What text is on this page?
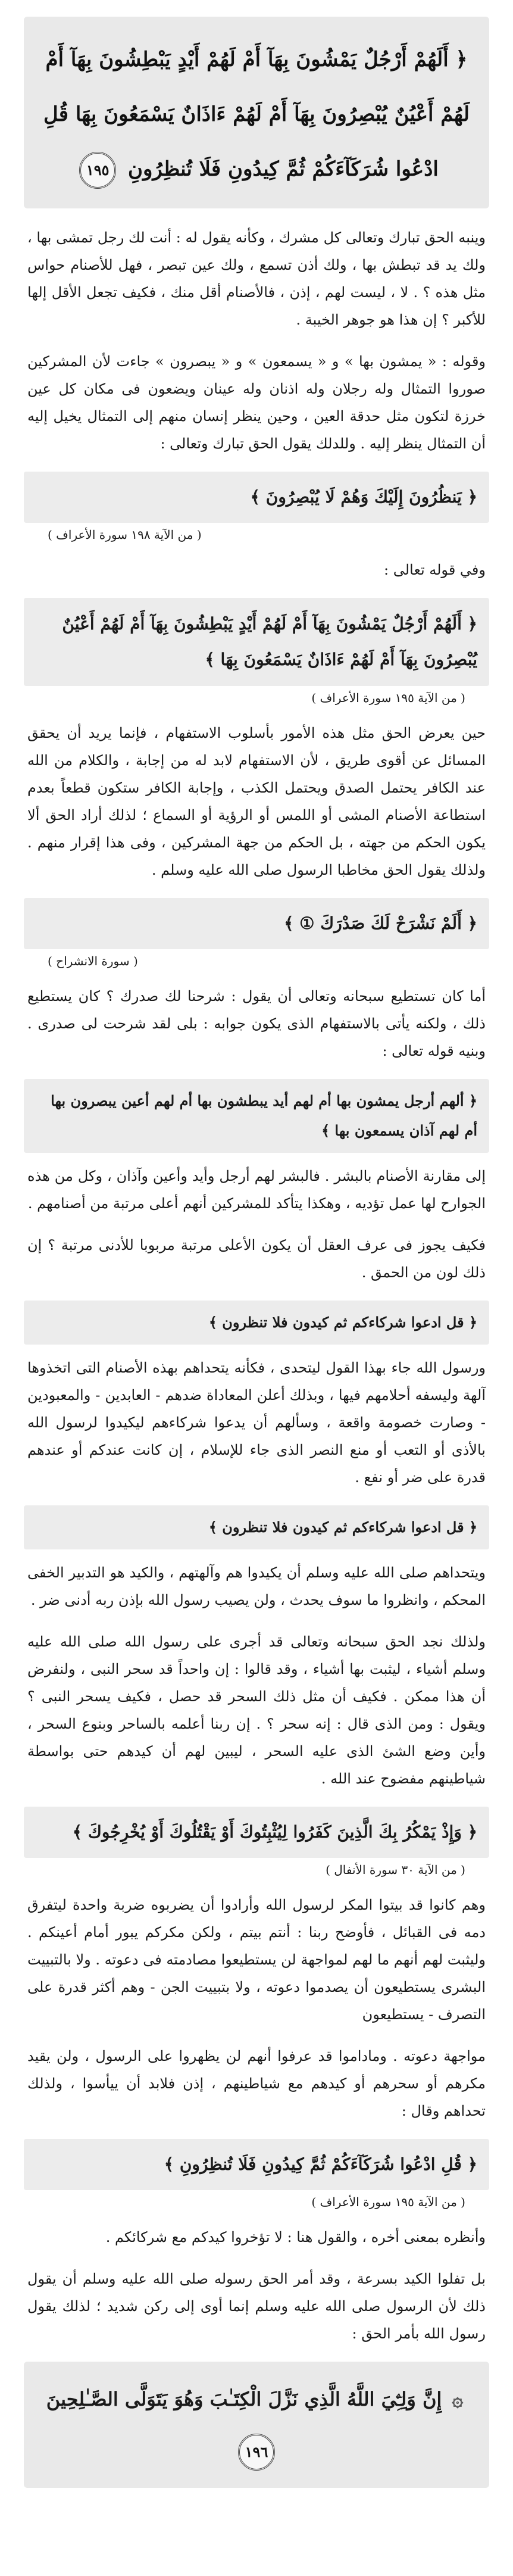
﴿ أَلَهُمْ أَرْجُلٌ يَمْشُونَ بِهَآ أَمْ لَهُمْ أَيْدٍ يَبْطِشُونَ بِهَآ أَمْ لَهُمْ أَعْيُنٌ يُبْصِرُونَ بِهَآ أَمْ لَهُمْ ءَاذَانٌ يَسْمَعُونَ بِهَا قُلِ ادْعُوا شُرَكَآءَكُمْ ثُمَّ كِيدُونِ فَلَا تُنظِرُونِ ١٩٥

وينبه الحق تبارك وتعالى كل مشرك ، وكأنه يقول له : أنت لك رجل تمشى بها ، ولك يد قد تبطش بها ، ولك أذن تسمع ، ولك عين تبصر ، فهل للأصنام حواس مثل هذه ؟ . لا ، ليست لهم ، إذن ، فالأصنام أقل منك ، فكيف تجعل الأقل إلها للأكبر ؟ إن هذا هو جوهر الخيبة .

وقوله : « يمشون بها » و « يسمعون » و « يبصرون » جاءت لأن المشركين صوروا التمثال وله رجلان وله اذنان وله عينان ويضعون فى مكان كل عين خرزة لتكون مثل حدقة العين ، وحين ينظر إنسان منهم إلى التمثال يخيل إليه أن التمثال ينظر إليه . وللدلك يقول الحق تبارك وتعالى :

﴿ يَنظُرُونَ إِلَيْكَ وَهُمْ لَا يُبْصِرُونَ ﴾
( من الآية ١٩٨ سورة الأعراف )

وفي قوله تعالى :

﴿ أَلَهُمْ أَرْجُلٌ يَمْشُونَ بِهَآ أَمْ لَهُمْ أَيْدٍ يَبْطِشُونَ بِهَآ أَمْ لَهُمْ أَعْيُنٌ يُبْصِرُونَ بِهَآ أَمْ لَهُمْ ءَاذَانٌ يَسْمَعُونَ بِهَا ﴾
( من الآية ١٩٥ سورة الأعراف )

حين يعرض الحق مثل هذه الأمور بأسلوب الاستفهام ، فإنما يريد أن يحقق المسائل عن أقوى طريق ، لأن الاستفهام لابد له من إجابة ، والكلام من الله عند الكافر يحتمل الصدق ويحتمل الكذب ، وإجابة الكافر ستكون قطعاً بعدم استطاعة الأصنام المشى أو اللمس أو الرؤية أو السماع ؛ لذلك أراد الحق ألا يكون الحكم من جهته ، بل الحكم من جهة المشركين ، وفى هذا إقرار منهم . ولذلك يقول الحق مخاطبا الرسول صلى الله عليه وسلم .

﴿ أَلَمْ نَشْرَحْ لَكَ صَدْرَكَ ① ﴾
( سورة الانشراح )

أما كان تستطيع سبحانه وتعالى أن يقول : شرحنا لك صدرك ؟ كان يستطيع ذلك ، ولكنه يأتى بالاستفهام الذى يكون جوابه : بلى لقد شرحت لى صدرى . وبنيه قوله تعالى :

﴿ ألهم أرجل يمشون بها أم لهم أيد يبطشون بها أم لهم أعين يبصرون بها أم لهم آذان يسمعون بها ﴾

إلى مقارنة الأصنام بالبشر . فالبشر لهم أرجل وأيد وأعين وآذان ، وكل من هذه الجوارح لها عمل تؤديه ، وهكذا يتأكد للمشركين أنهم أعلى مرتبة من أصنامهم .

فكيف يجوز فى عرف العقل أن يكون الأعلى مرتبة مربوبا للأدنى مرتبة ؟ إن ذلك لون من الحمق .

﴿ قل ادعوا شركاءكم ثم كيدون فلا تنظرون ﴾

ورسول الله جاء بهذا القول ليتحدى ، فكأنه يتحداهم بهذه الأصنام التى اتخذوها آلهة وليسفه أحلامهم فيها ، وبذلك أعلن المعاداة ضدهم - العابدين - والمعبودين - وصارت خصومة واقعة ، وسألهم أن يدعوا شركاءهم ليكيدوا لرسول الله بالأذى أو التعب أو منع النصر الذى جاء للإسلام ، إن كانت عندكم أو عندهم قدرة على ضر أو نفع .

﴿ قل ادعوا شركاءكم ثم كيدون فلا تنظرون ﴾

ويتحداهم صلى الله عليه وسلم أن يكيدوا هم وآلهتهم ، والكيد هو التدبير الخفى المحكم ، وانظروا ما سوف يحدث ، ولن يصيب رسول الله بإذن ربه أدنى ضر .

ولذلك نجد الحق سبحانه وتعالى قد أجرى على رسول الله صلى الله عليه وسلم أشياء ، ليثبت بها أشياء ، وقد قالوا : إن واحداً قد سحر النبى ، ولنفرض أن هذا ممكن . فكيف أن مثل ذلك السحر قد حصل ، فكيف يسحر النبى ؟ ويقول : ومن الذى قال : إنه سحر ؟ . إن ربنا أعلمه بالساحر وبنوع السحر ، وأين وضع الشئ الذى عليه السحر ، ليبين لهم أن كيدهم حتى بواسطة شياطينهم مفضوح عند الله .

﴿ وَإِذْ يَمْكُرُ بِكَ الَّذِينَ كَفَرُوا لِيُثْبِتُوكَ أَوْ يَقْتُلُوكَ أَوْ يُخْرِجُوكَ ﴾
( من الآية ٣٠ سورة الأنفال )

وهم كانوا قد بيتوا المكر لرسول الله وأرادوا أن يضربوه ضربة واحدة ليتفرق دمه فى القبائل ، فأوضح ربنا : أنتم بيتم ، ولكن مكركم يبور أمام أعينكم . وليثبت لهم أنهم ما لهم لمواجهة لن يستطيعوا مصادمته فى دعوته . ولا بالتبييت البشرى يستطيعون أن يصدموا دعوته ، ولا بتبييت الجن - وهم أكثر قدرة على التصرف - يستطيعون

مواجهة دعوته . وماداموا قد عرفوا أنهم لن يظهروا على الرسول ، ولن يقيد مكرهم أو سحرهم أو كيدهم مع شياطينهم ، إذن فلابد أن ييأسوا ، ولذلك تحداهم وقال :

﴿ قُلِ ادْعُوا شُرَكَآءَكُمْ ثُمَّ كِيدُونِ فَلَا تُنظِرُونِ ﴾
( من الآية ١٩٥ سورة الأعراف )

وأنظره بمعنى أخره ، والقول هنا : لا تؤخروا كيدكم مع شركائكم .

بل تفلوا الكيد بسرعة ، وقد أمر الحق رسوله صلى الله عليه وسلم أن يقول ذلك لأن الرسول صلى الله عليه وسلم إنما أوى إلى ركن شديد ؛ لذلك يقول رسول الله بأمر الحق :

۞ إِنَّ وَلِـِّۧيَ اللَّهُ الَّذِي نَزَّلَ الْكِتَـٰبَ وَهُوَ يَتَوَلَّى الصَّـٰلِحِينَ ١٩٦
